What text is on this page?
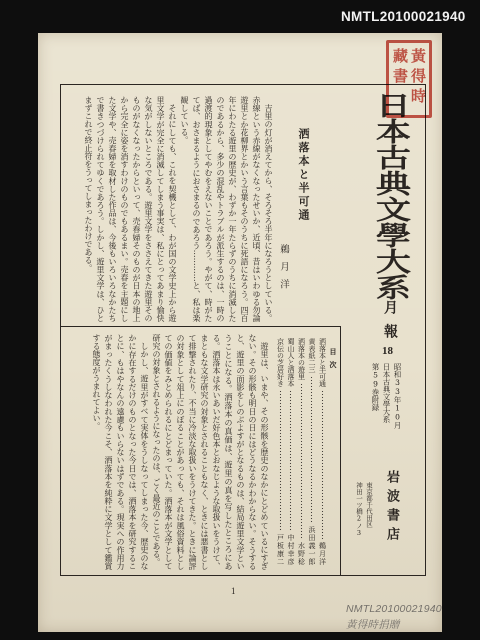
NMTL20100021940
日本古典文學大系
月報
18
昭和33年10月
日本古典文學大系
第59巻附録
岩波書店
東京都千代田区
神田一ツ橋2ノ3
黃得時藏書
洒落本と半可通
鵜月洋

吉里の灯が消えてから、そろそろ半年になろうとしている。赤線という赤線がなくなったせいか、近頃、昔はいわゆる勿論遊里とか花柳界とかいう言葉もそのうちに死語になろう。四百年にわたる遊里の歴史が、わずか一年たらずのうちに消滅したのであるから、多少の混乱やトラブルが派生するのは、一時の過渡的現象としてやむをえないことであろう。やがて、時がたてば、おさまるようにおさまるのであろう…………と、私は楽観している。

それにしても、これを契機として、わが国の文学史上から遊里文学が完全に消滅してしまう事実は、私にとってあまり愉快な気がしないところである。遊里文学をささえてきた遊里そのものがなくなったからといって、売春婦そのものが日本の地上から完全に姿を消すわけのものでもあるまい。売春を主題にした文学や、売春婦を取材した作品は、今後もいろいろなかたちで書きつづけられてゆくであろう。しかし、遊里文学は、ひとまずこれで終止符をうってしまったわけである。

遊里は、いまや、その形骸を歴史のなかにとどめているにすぎない。その形骸も明日の日にはどうなるかわからない。そうすると、遊里の面影をしのぶよすがとなるものは、結局遊里文学ということになる。洒落本の真価は、遊里の真を写したところにある。洒落本は永いあいだ好色本とおなじような取扱いをうけて、まともな文学研究の対象とされることもなく、ときには悪書として排撃されたり、不当に冷淡な取扱いをうけてきた。ときに論評の対象として俎上にのぼることがあっても、それは風俗資料としての価値をみとめられるにとどまっていた。洒落本が文学として研究の対象とされるようになったのは、ごく最近のことである。

しかし、遊里がすべて実体をうしなってしまった今、歴史のなかに存在するだけのものとなった今日では、洒落本を研究することに、もはやなんの遠慮もいらないはずである。現実への作用力がまったくうしなわれた今こそ、洒落本を純粋に文学として鑑賞する態度がうまれてよい。	目次
洒落本と半可通
鵜月洋
黄表紙二三
浜田義一郎
洒落本の遊里
水野稔
蜀山人と洒落本
中村幸彦
京伝の芝居好き
戸板康二
1
NMTL20100021940
黃得時捐贈
